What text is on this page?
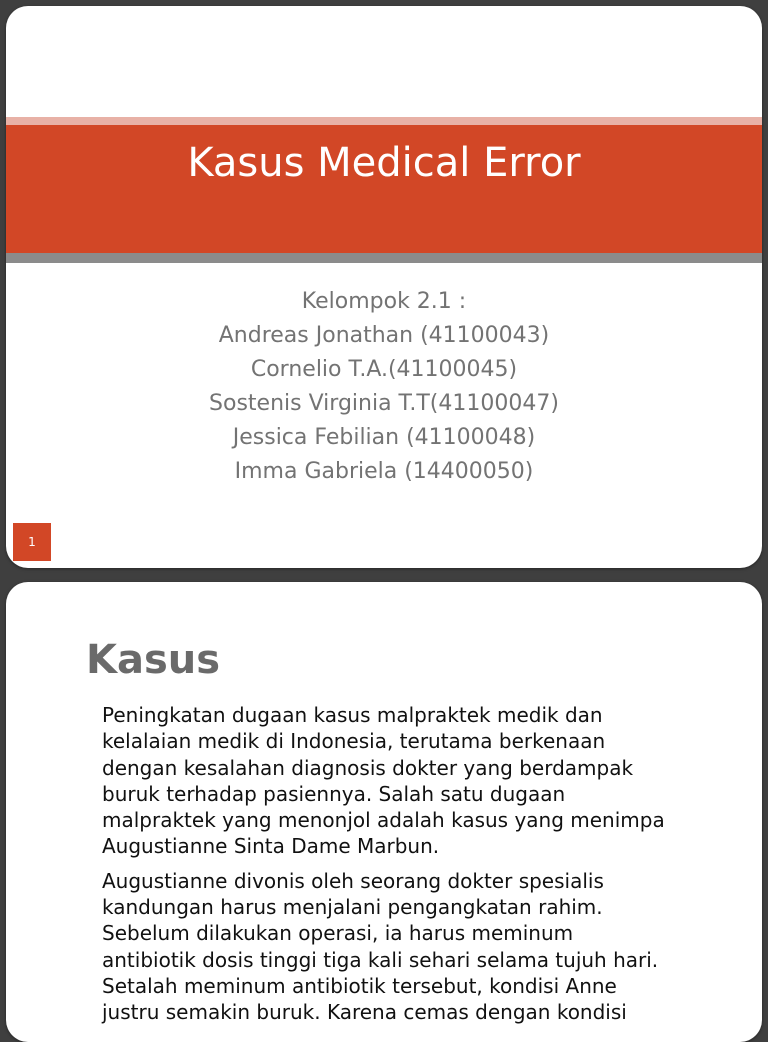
Kasus Medical Error
Kelompok 2.1 :
Andreas Jonathan (41100043)
Cornelio T.A.(41100045)
Sostenis Virginia T.T(41100047)
Jessica Febilian (41100048)
Imma Gabriela (14400050)
1
Kasus

Peningkatan dugaan kasus malpraktek medik dan
kelalaian medik di Indonesia, terutama berkenaan
dengan kesalahan diagnosis dokter yang berdampak
buruk terhadap pasiennya. Salah satu dugaan
malpraktek yang menonjol adalah kasus yang menimpa
Augustianne Sinta Dame Marbun.

Augustianne divonis oleh seorang dokter spesialis
kandungan harus menjalani pengangkatan rahim.
Sebelum dilakukan operasi, ia harus meminum
antibiotik dosis tinggi tiga kali sehari selama tujuh hari.
Setalah meminum antibiotik tersebut, kondisi Anne
justru semakin buruk. Karena cemas dengan kondisi
